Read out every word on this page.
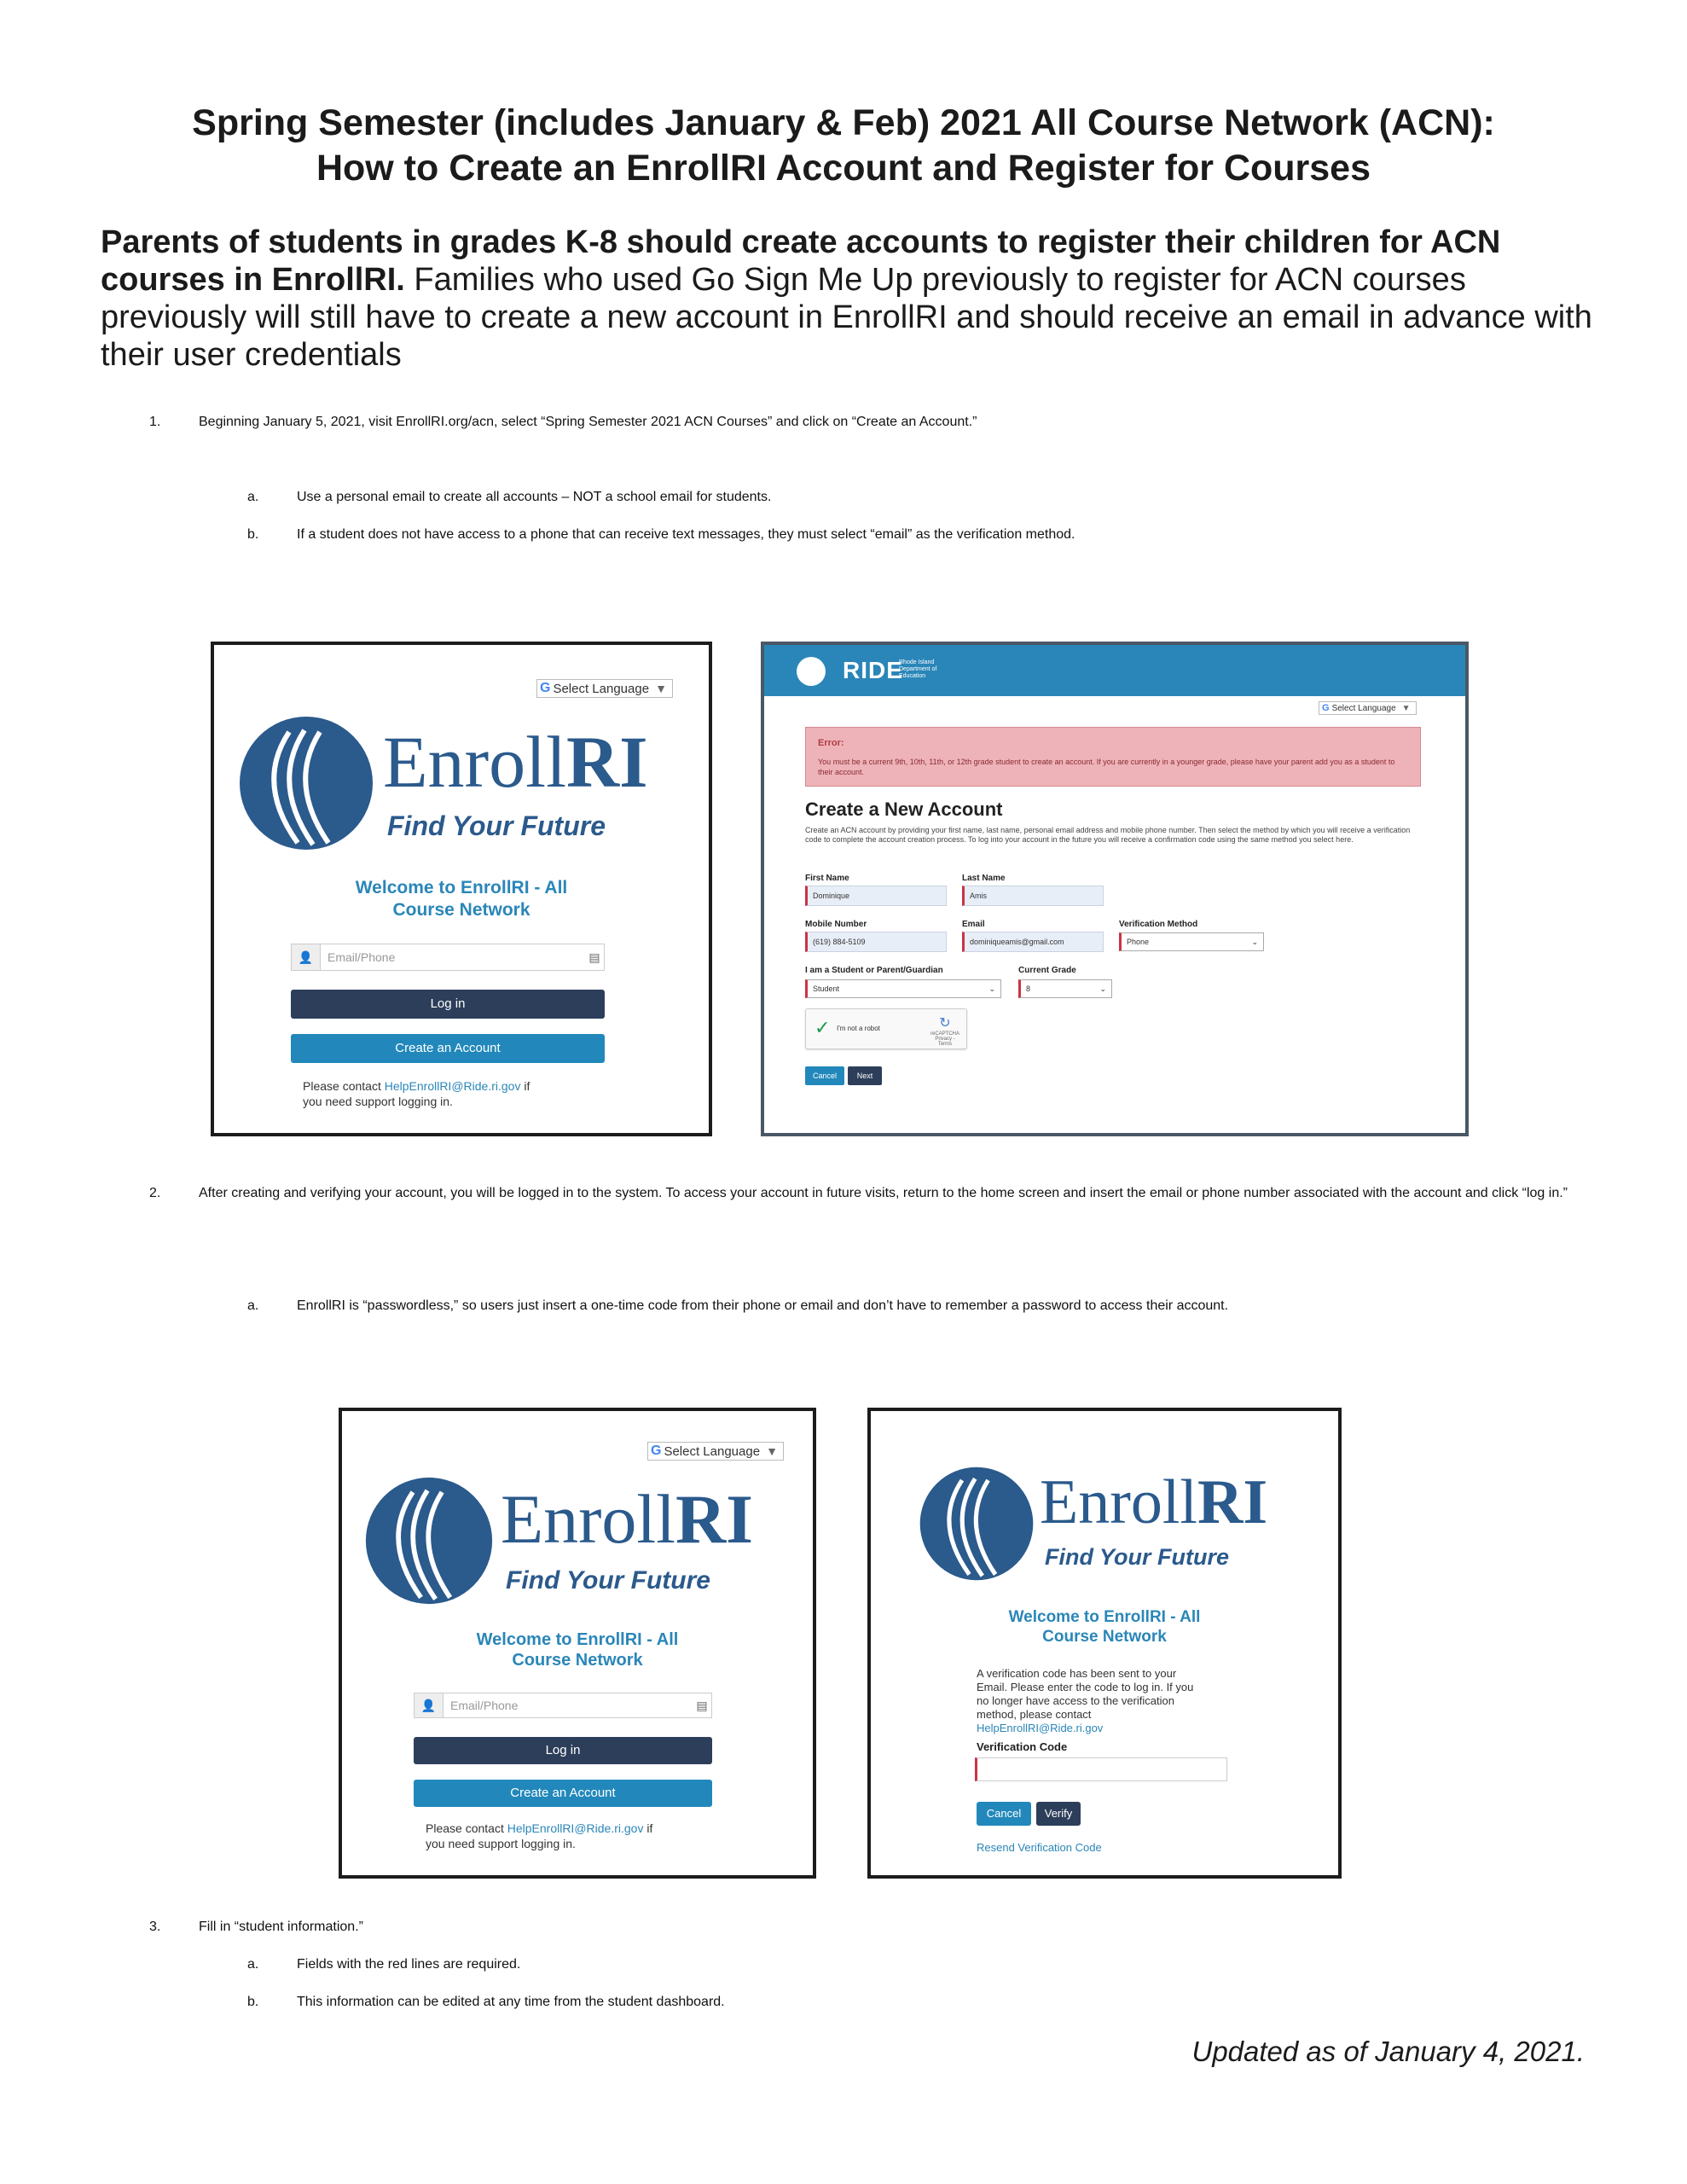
Spring Semester (includes January & Feb) 2021 All Course Network (ACN):
How to Create an EnrollRI Account and Register for Courses
Parents of students in grades K-8 should create accounts to register their children for ACN courses in EnrollRI. Families who used Go Sign Me Up previously to register for ACN courses previously will still have to create a new account in EnrollRI and should receive an email in advance with their user credentials
1.	Beginning January 5, 2021, visit EnrollRI.org/acn, select “Spring Semester 2021 ACN Courses” and click on “Create an Account.”
a.	Use a personal email to create all accounts – NOT a school email for students.
b.	If a student does not have access to a phone that can receive text messages, they must select “email” as the verification method.
G Select Language ▼
EnrollRI
Find Your Future
Welcome to EnrollRI - All
Course Network
👤	Email/Phone	▤
Log in
Create an Account
Please contact HelpEnrollRI@Ride.ri.gov if
you need support logging in.
RIDE
Rhode Island Department of Education
G Select Language ▼
Error:
You must be a current 9th, 10th, 11th, or 12th grade student to create an account. If you are currently in a younger grade, please have your parent add you as a student to their account.
Create a New Account
Create an ACN account by providing your first name, last name, personal email address and mobile phone number. Then select the method by which you will receive a verification code to complete the account creation process. To log into your account in the future you will receive a confirmation code using the same method you select here.
First Name
Dominique
Last Name
Amis
Mobile Number
(619) 884-5109
Email
dominiqueamis@gmail.com
Verification Method
Phone	⌄
I am a Student or Parent/Guardian
Student	⌄
Current Grade
8	⌄
✓ I'm not a robot	↻
reCAPTCHA
Privacy - Terms
Cancel	Next
2.	After creating and verifying your account, you will be logged in to the system. To access your account in future visits, return to the home screen and insert the email or phone number associated with the account and click “log in.”
a.	EnrollRI is “passwordless,” so users just insert a one-time code from their phone or email and don’t have to remember a password to access their account.
G Select Language ▼
EnrollRI
Find Your Future
Welcome to EnrollRI - All
Course Network
👤	Email/Phone	▤
Log in
Create an Account
Please contact HelpEnrollRI@Ride.ri.gov if
you need support logging in.
EnrollRI
Find Your Future
Welcome to EnrollRI - All
Course Network
A verification code has been sent to your
Email. Please enter the code to log in. If you
no longer have access to the verification
method, please contact
HelpEnrollRI@Ride.ri.gov
Verification Code
Cancel	Verify
Resend Verification Code
3.	Fill in “student information.”
a.	Fields with the red lines are required.
b.	This information can be edited at any time from the student dashboard.
Updated as of January 4, 2021.
